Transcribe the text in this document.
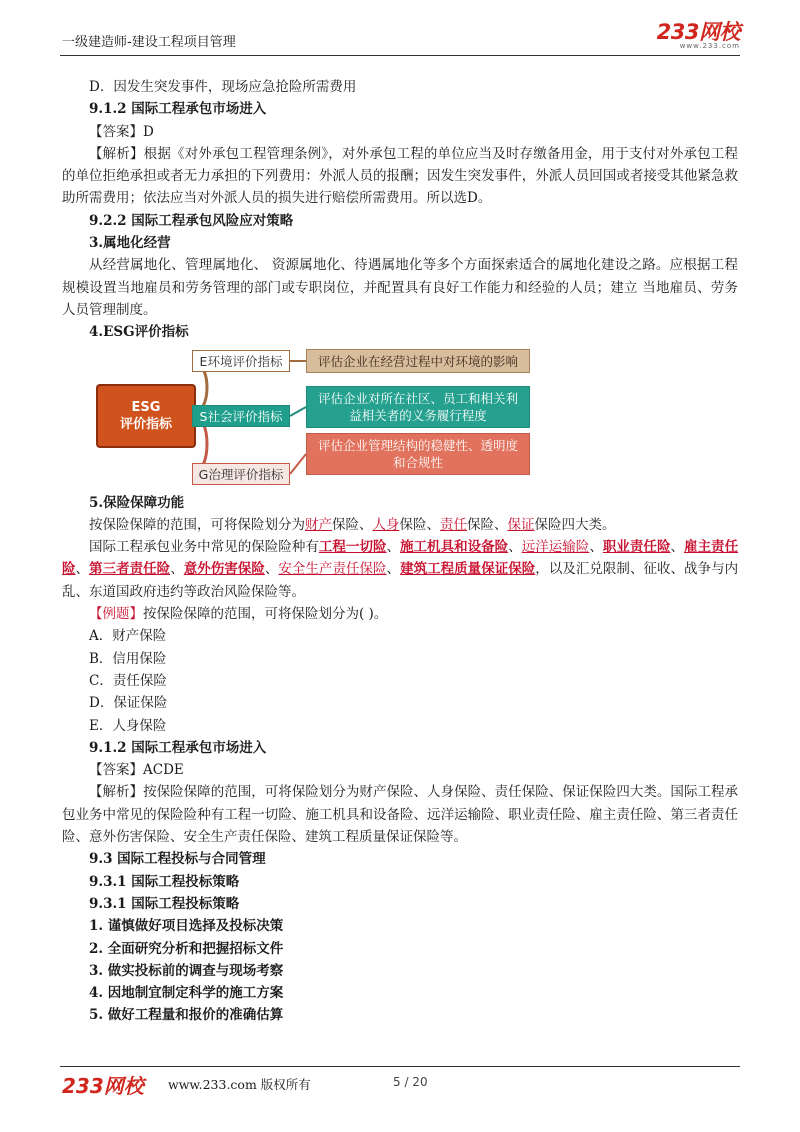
一级建造师-建设工程项目管理	233网校
www.233.com
D．因发生突发事件，现场应急抢险所需费用
9.1.2 国际工程承包市场进入
【答案】D
【解析】根据《对外承包工程管理条例》，对外承包工程的单位应当及时存缴备用金，用于支付对外承包工程的单位拒绝承担或者无力承担的下列费用：外派人员的报酬；因发生突发事件，外派人员回国或者接受其他紧急救助所需费用；依法应当对外派人员的损失进行赔偿所需费用。所以选D。
9.2.2 国际工程承包风险应对策略
3.属地化经营
从经营属地化、管理属地化、 资源属地化、待遇属地化等多个方面探索适合的属地化建设之路。应根据工程规模设置当地雇员和劳务管理的部门或专职岗位，并配置具有良好工作能力和经验的人员；建立 当地雇员、劳务人员管理制度。
4.ESG评价指标
ESG
评价指标
E环境评价指标
S社会评价指标
G治理评价指标
评估企业在经营过程中对环境的影响
评估企业对所在社区、员工和相关利
益相关者的义务履行程度
评估企业管理结构的稳健性、透明度
和合规性
5.保险保障功能
按保险保障的范围，可将保险划分为财产保险、人身保险、责任保险、保证保险四大类。
国际工程承包业务中常见的保险险种有工程一切险、施工机具和设备险、远洋运输险、职业责任险、雇主责任险、第三者责任险、意外伤害保险、安全生产责任保险、建筑工程质量保证保险，以及汇兑限制、征收、战争与内乱、东道国政府违约等政治风险保险等。
【例题】按保险保障的范围，可将保险划分为( )。
A．财产保险
B．信用保险
C．责任保险
D．保证保险
E．人身保险
9.1.2 国际工程承包市场进入
【答案】ACDE
【解析】按保险保障的范围，可将保险划分为财产保险、人身保险、责任保险、保证保险四大类。国际工程承包业务中常见的保险险种有工程一切险、施工机具和设备险、远洋运输险、职业责任险、雇主责任险、第三者责任险、意外伤害保险、安全生产责任保险、建筑工程质量保证保险等。
9.3 国际工程投标与合同管理
9.3.1 国际工程投标策略
9.3.1 国际工程投标策略
1. 谨慎做好项目选择及投标决策
2. 全面研究分析和把握招标文件
3. 做实投标前的调查与现场考察
4. 因地制宜制定科学的施工方案
5. 做好工程量和报价的准确估算
233网校 www.233.com 版权所有	5 / 20
